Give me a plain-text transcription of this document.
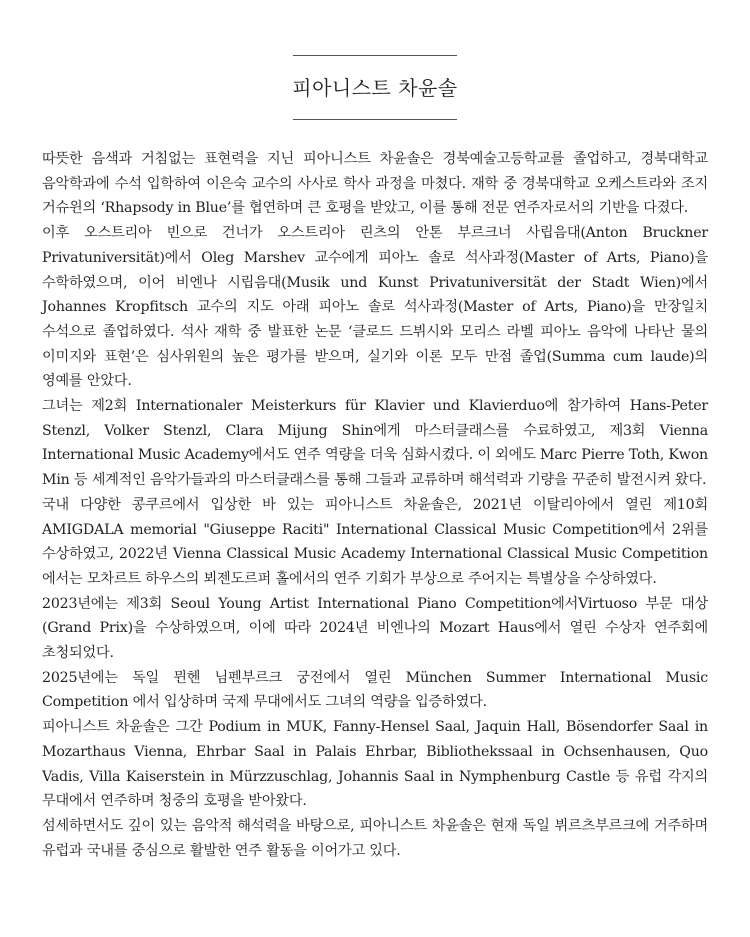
피아니스트 차윤솔

따뜻한 음색과 거침없는 표현력을 지닌 피아니스트 차윤솔은 경북예술고등학교를 졸업하고, 경북대학교 음악학과에 수석 입학하여 이은숙 교수의 사사로 학사 과정을 마쳤다. 재학 중 경북대학교 오케스트라와 조지 거슈윈의 ‘Rhapsody in Blue’를 협연하며 큰 호평을 받았고, 이를 통해 전문 연주자로서의 기반을 다졌다.

이후 오스트리아 빈으로 건너가 오스트리아 린츠의 안톤 부르크너 사립음대(Anton Bruckner Privatuniversität)에서 Oleg Marshev 교수에게 피아노 솔로 석사과정(Master of Arts, Piano)을 수학하였으며, 이어 비엔나 시립음대(Musik und Kunst Privatuniversität der Stadt Wien)에서 Johannes Kropfitsch 교수의 지도 아래 피아노 솔로 석사과정(Master of Arts, Piano)을 만장일치 수석으로 졸업하였다. 석사 재학 중 발표한 논문 ‘클로드 드뷔시와 모리스 라벨 피아노 음악에 나타난 물의 이미지와 표현’은 심사위원의 높은 평가를 받으며, 실기와 이론 모두 만점 졸업(Summa cum laude)의 영예를 안았다.

그녀는 제2회 Internationaler Meisterkurs für Klavier und Klavierduo에 참가하여 Hans-Peter Stenzl, Volker Stenzl, Clara Mijung Shin에게 마스터클래스를 수료하였고, 제3회 Vienna International Music Academy에서도 연주 역량을 더욱 심화시켰다. 이 외에도 Marc Pierre Toth, Kwon Min 등 세계적인 음악가들과의 마스터클래스를 통해 그들과 교류하며 해석력과 기량을 꾸준히 발전시켜 왔다.

국내 다양한 콩쿠르에서 입상한 바 있는 피아니스트 차윤솔은, 2021년 이탈리아에서 열린 제10회 AMIGDALA memorial "Giuseppe Raciti" International Classical Music Competition에서 2위를 수상하였고, 2022년 Vienna Classical Music Academy International Classical Music Competition 에서는 모차르트 하우스의 뵈젠도르퍼 홀에서의 연주 기회가 부상으로 주어지는 특별상을 수상하였다.

2023년에는 제3회 Seoul Young Artist International Piano Competition에서Virtuoso 부문 대상(Grand Prix)을 수상하였으며, 이에 따라 2024년 비엔나의 Mozart Haus에서 열린 수상자 연주회에 초청되었다.

2025년에는 독일 뮌헨 님펜부르크 궁전에서 열린 München Summer International Music Competition 에서 입상하며 국제 무대에서도 그녀의 역량을 입증하였다.

피아니스트 차윤솔은 그간 Podium in MUK, Fanny-Hensel Saal, Jaquin Hall, Bösendorfer Saal in Mozarthaus Vienna, Ehrbar Saal in Palais Ehrbar, Bibliothekssaal in Ochsenhausen, Quo Vadis, Villa Kaiserstein in Mürzzuschlag, Johannis Saal in Nymphenburg Castle 등 유럽 각지의 무대에서 연주하며 청중의 호평을 받아왔다.

섬세하면서도 깊이 있는 음악적 해석력을 바탕으로, 피아니스트 차윤솔은 현재 독일 뷔르츠부르크에 거주하며 유럽과 국내를 중심으로 활발한 연주 활동을 이어가고 있다.
